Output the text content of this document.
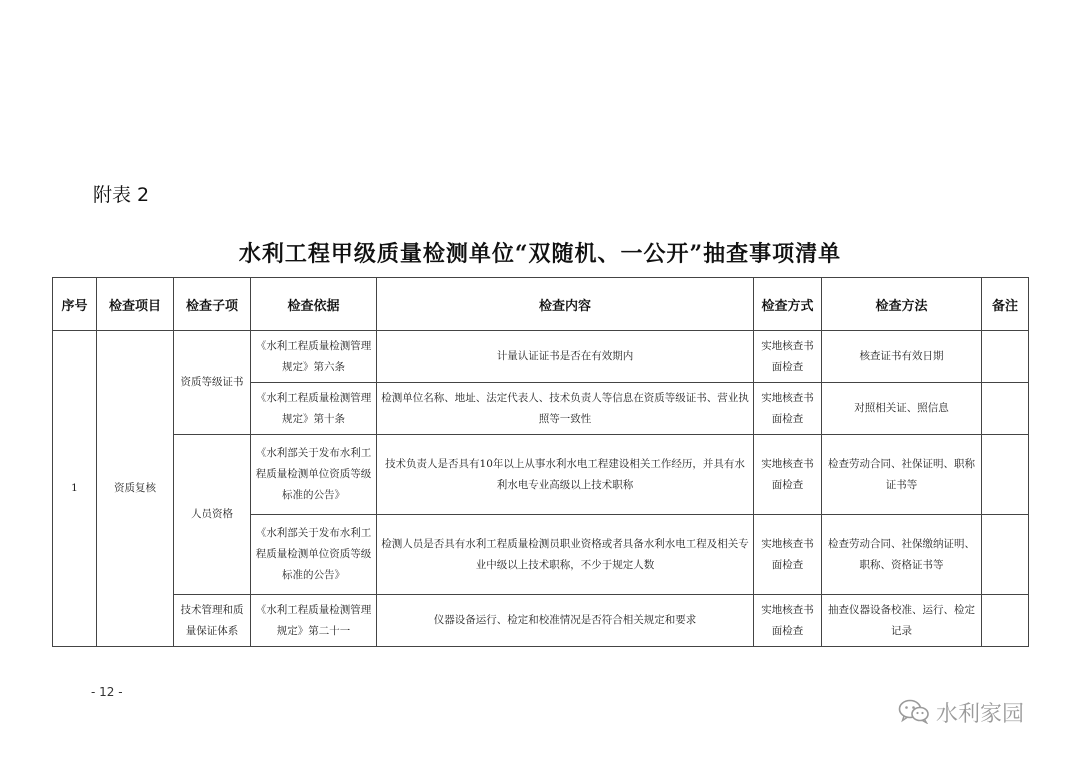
附表 2
水利工程甲级质量检测单位“双随机、一公开”抽查事项清单
序号	检查项目	检查子项	检查依据	检查内容	检查方式	检查方法	备注
1	资质复核	资质等级证书	《水利工程质量检测管理规定》第六条	计量认证证书是否在有效期内	实地核查书面检查	核查证书有效日期	
			《水利工程质量检测管理规定》第十条	检测单位名称、地址、法定代表人、技术负责人等信息在资质等级证书、营业执照等一致性	实地核查书面检查	对照相关证、照信息	
		人员资格	《水利部关于发布水利工程质量检测单位资质等级标准的公告》	技术负责人是否具有10年以上从事水利水电工程建设相关工作经历，并具有水利水电专业高级以上技术职称	实地核查书面检查	检查劳动合同、社保证明、职称证书等	
			《水利部关于发布水利工程质量检测单位资质等级标准的公告》	检测人员是否具有水利工程质量检测员职业资格或者具备水利水电工程及相关专业中级以上技术职称，不少于规定人数	实地核查书面检查	检查劳动合同、社保缴纳证明、职称、资格证书等	
		技术管理和质量保证体系	《水利工程质量检测管理规定》第二十一	仪器设备运行、检定和校准情况是否符合相关规定和要求	实地核查书面检查	抽查仪器设备校准、运行、检定记录	
- 12 -
水利家园
